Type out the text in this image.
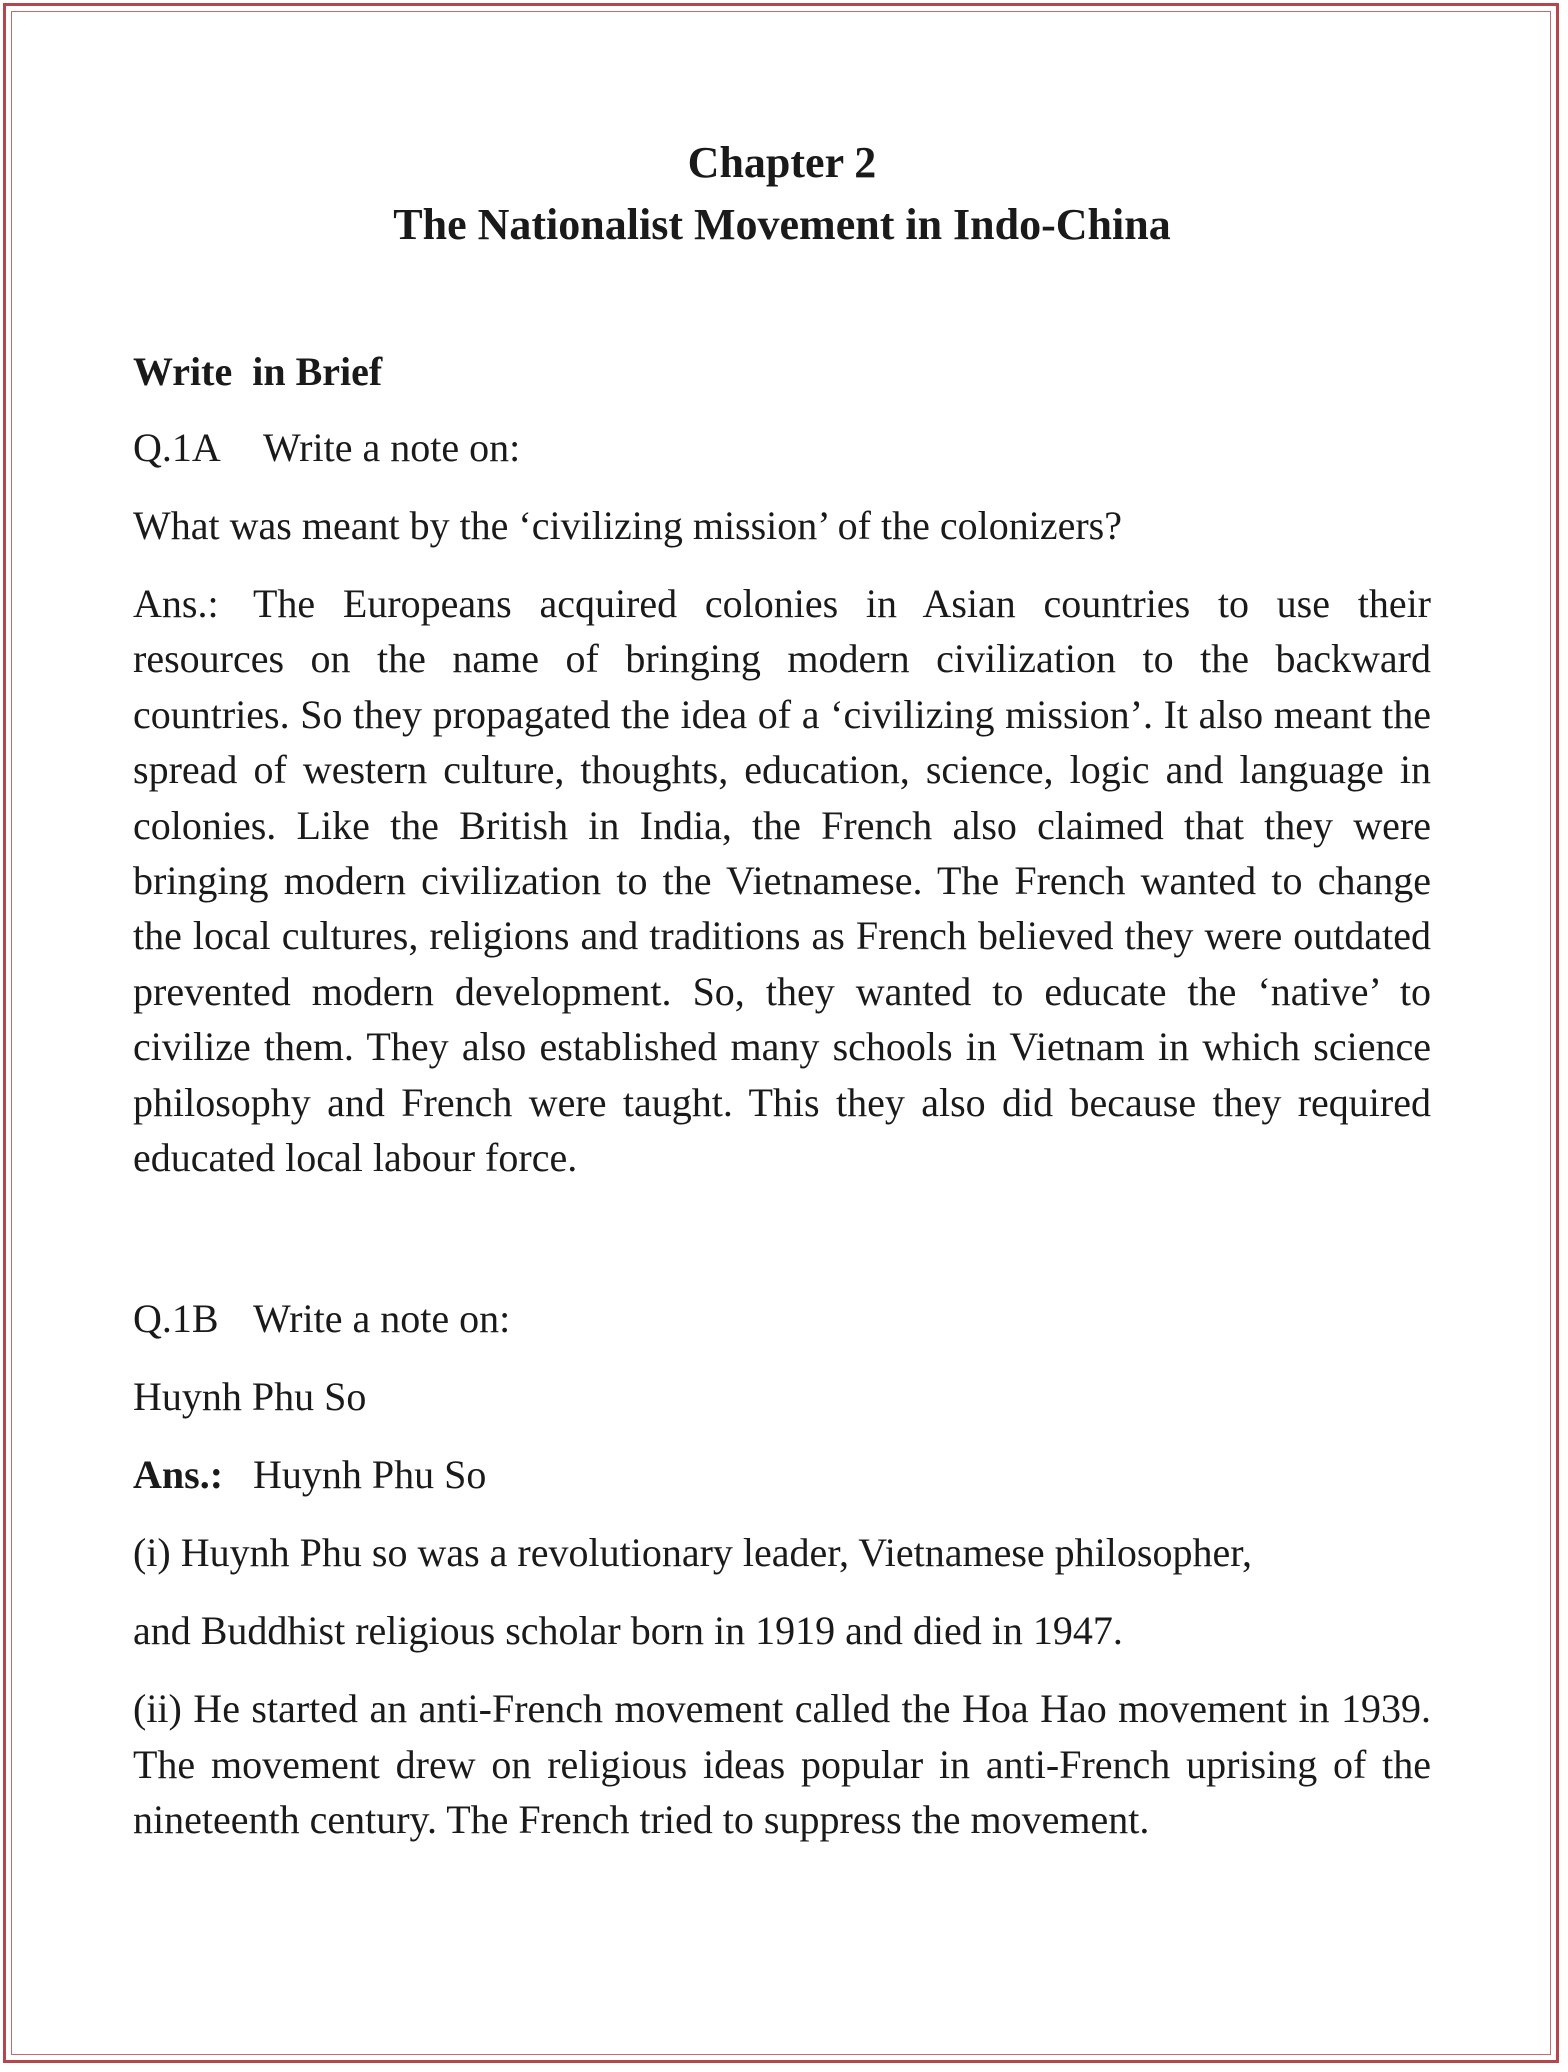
Chapter 2

The Nationalist Movement in Indo-China

Write  in Brief

Q.1A Write a note on:

What was meant by the ‘civilizing mission’ of the colonizers?

Ans.: The Europeans acquired colonies in Asian countries to use their resources on the name of bringing modern civilization to the backward countries. So they propagated the idea of a ‘civilizing mission’. It also meant the spread of western culture, thoughts, education, science, logic and language in colonies. Like the British in India, the French also claimed that they were bringing modern civilization to the Vietnamese. The French wanted to change the local cultures, religions and traditions as French believed they were outdated prevented modern development. So, they wanted to educate the ‘native’ to civilize them. They also established many schools in Vietnam in which science philosophy and French were taught. This they also did because they required educated local labour force.

Q.1B Write a note on:

Huynh Phu So

Ans.: Huynh Phu So

(i) Huynh Phu so was a revolutionary leader, Vietnamese philosopher,

and Buddhist religious scholar born in 1919 and died in 1947.

(ii) He started an anti-French movement called the Hoa Hao movement in 1939. The movement drew on religious ideas popular in anti-French uprising of the nineteenth century. The French tried to suppress the movement.
